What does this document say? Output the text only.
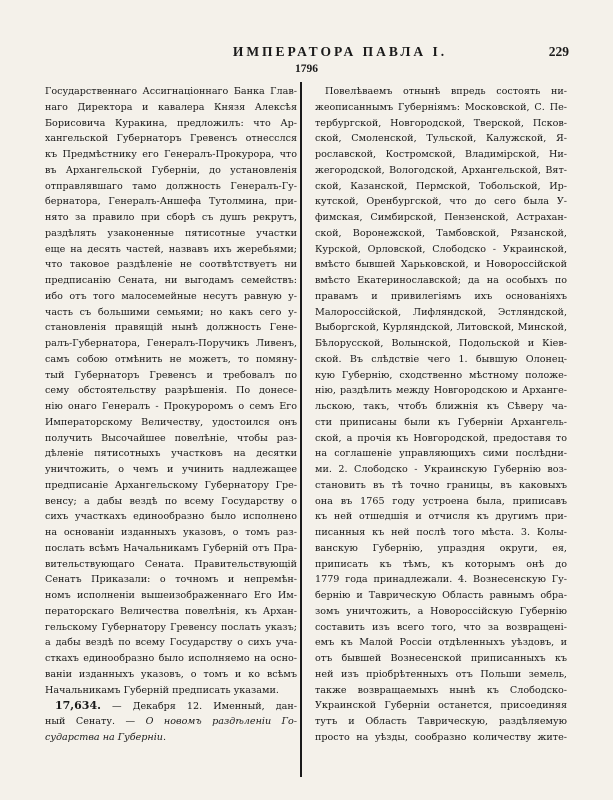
ИМПЕРАТОРА ПАВЛА I.	229
1796
Государственнаго Ассигнаціоннаго Банка Глав-
наго Директора и кавалера Князя Алексѣя
Борисовича Куракина, предложилъ: что Ар-
хангельской Губернаторъ Гревенсъ отнесслся
къ Предмѣстнику его Генералъ-Прокурора, что
въ Архангельской Губерніи, до установленія
отправлявшаго тамо должность Генералъ-Гу-
бернатора, Генералъ-Аншефа Тутолмина, при-
нято за правило при сборѣ съ душъ рекрутъ,
раздѣлять узаконенные пятисотные участки
еще на десять частей, назвавъ ихъ жеребьями;
что таковое раздѣленіе не соотвѣтствуетъ ни
предписанію Сената, ни выгодамъ семействъ:
ибо отъ того малосемейные несутъ равную у-
часть съ большими семьями; но какъ сего у-
становленія правящій нынѣ должность Гене-
ралъ-Губернатора, Генералъ-Поручикъ Ливенъ,
самъ собою отмѣнить не можетъ, то помяну-
тый Губернаторъ Гревенсъ и требовалъ по
сему обстоятельству разрѣшенія. По донесе-
нію онаго Генералъ - Прокуроромъ о семъ Его
Императорскому Величеству, удостоился онъ
получить Высочайшее повелѣніе, чтобы раз-
дѣленіе пятисотныхъ участковъ на десятки
уничтожить, о чемъ и учинить надлежащее
предписаніе Архангельскому Губернатору Гре-
венсу; а дабы вездѣ по всему Государству о
сихъ участкахъ единообразно было исполнено
на основаніи изданныхъ указовъ, о томъ раз-
послать всѣмъ Начальникамъ Губерній отъ Пра-
вительствующаго Сената. Правительствующій
Сенатъ Приказали: о точномъ и непремѣн-
номъ исполненіи вышеизображеннаго Его Им-
ператорскаго Величества повелѣнія, къ Архан-
гельскому Губернатору Гревенсу послать указъ;
а дабы вездѣ по всему Государству о сихъ уча-
сткахъ единообразно было исполняемо на осно-
ваніи изданныхъ указовъ, о томъ и ко всѣмъ
Начальникамъ Губерній предписать указами.
17,634. — Декабря 12. Именный, дан-
ный Сенату. — О новомъ раздѣленіи Го-
сударства на Губерніи.
Повелѣваемъ отнынѣ впредь состоять ни-
жеописаннымъ Губерніямъ: Московской, С. Пе-
тербургской, Новгородской, Тверской, Псков-
ской, Смоленской, Тульской, Калужской, Я-
рославской, Костромской, Владимірской, Ни-
жегородской, Вологодской, Архангельской, Вят-
ской, Казанской, Пермской, Тобольской, Ир-
кутской, Оренбургской, что до сего была У-
фимская, Симбирской, Пензенской, Астрахан-
ской, Воронежской, Тамбовской, Рязанской,
Курской, Орловской, Слободско - Украинской,
вмѣсто бывшей Харьковской, и Новороссійской
вмѣсто Екатеринославской; да на особыхъ по
правамъ и привилегіямъ ихъ основаніяхъ
Малороссійской, Лифляндской, Эстляндской,
Выборгской, Курляндской, Литовской, Минской,
Бѣлорусской, Волынской, Подольской и Кіев-
ской. Въ слѣдствіе чего 1. бывшую Олонец-
кую Губернію, сходственно мѣстному положе-
нію, раздѣлить между Новгородскою и Арханге-
льскою, такъ, чтобъ ближнія къ Сѣверу ча-
сти приписаны были къ Губерніи Архангель-
ской, а прочія къ Новгородской, предоставя то
на соглашеніе управляющихъ сими послѣдни-
ми. 2. Слободско - Украинскую Губернію воз-
становить въ тѣ точно границы, въ каковыхъ
она въ 1765 году устроена была, приписавъ
къ ней отшедшія и отчисля къ другимъ при-
писанныя къ ней послѣ того мѣста. 3. Колы-
ванскую Губернію, упраздня округи, ея,
приписать къ тѣмъ, къ которымъ онѣ до
1779 года принадлежали. 4. Вознесенскую Гу-
бернію и Таврическую Область равнымъ обра-
зомъ уничтожить, а Новороссійскую Губернію
составить изъ всего того, что за возвращені-
емъ къ Малой Россіи отдѣленныхъ уѣздовъ, и
отъ бывшей Вознесенской приписанныхъ къ
ней изъ пріобрѣтенныхъ отъ Польши земель,
также возвращаемыхъ нынѣ къ Слободско-
Украинской Губерніи останется, присоединяя
тутъ и Область Таврическую, раздѣляемую
просто на уѣзды, сообразно количеству жите-
